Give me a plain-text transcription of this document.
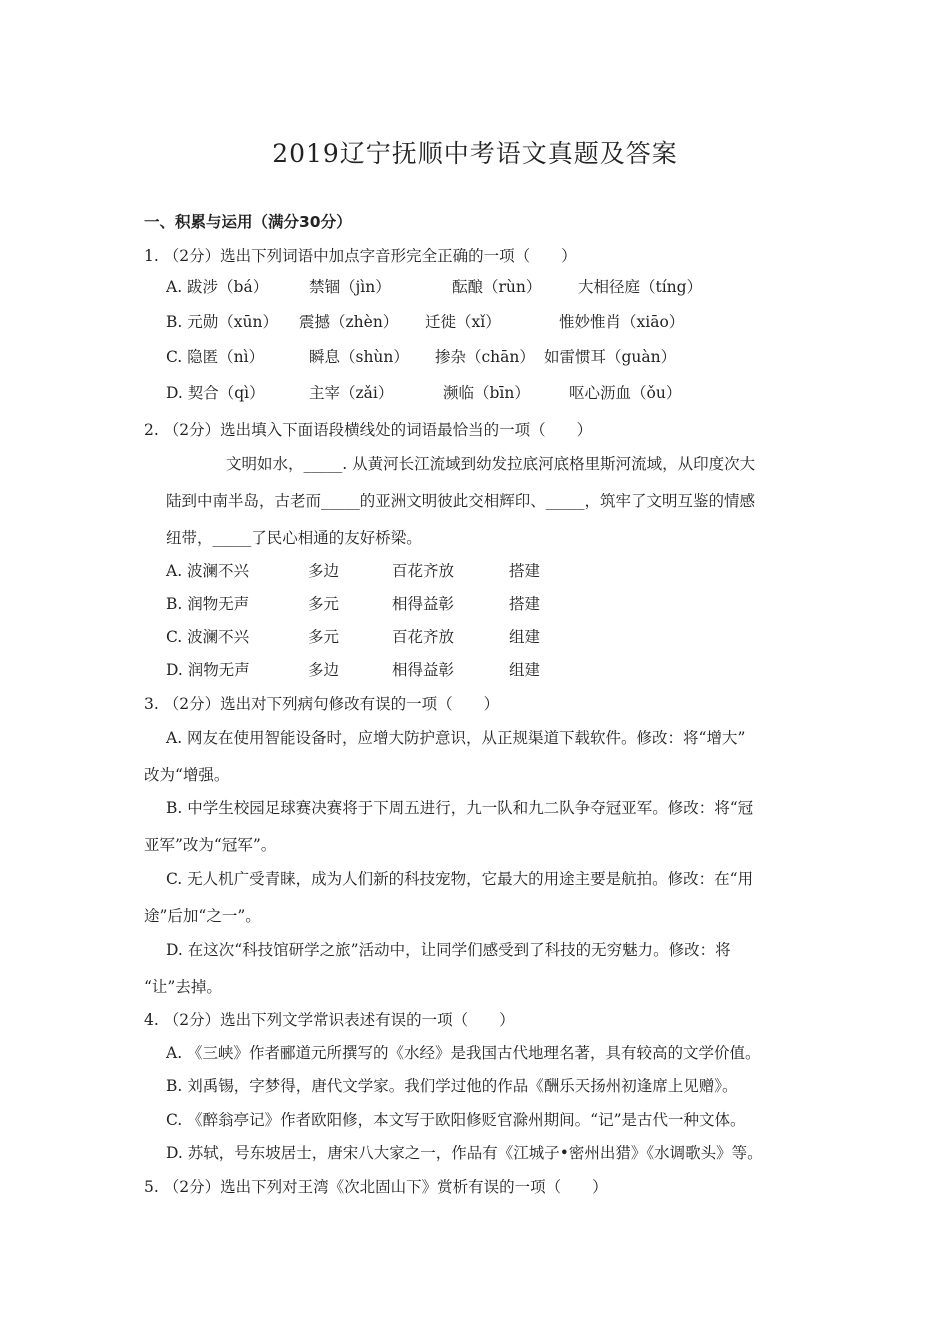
2019辽宁抚顺中考语文真题及答案
一、积累与运用（满分30分）
1. （2分）选出下列词语中加点字音形完全正确的一项（　　）
A. 跋涉（bá）	禁锢（jìn）	酝酿（rùn）	大相径庭（tíng）
B. 元勋（xūn）	震撼（zhèn）	迁徙（xǐ）	惟妙惟肖（xiāo）
C. 隐匿（nì）	瞬息（shùn）	掺杂（chān） 如雷惯耳（guàn）
D. 契合（qì）	主宰（zǎi）	濒临（bīn）	呕心沥血（ǒu）
2. （2分）选出填入下面语段横线处的词语最恰当的一项（　　）
文明如水，_____. 从黄河长江流域到幼发拉底河底格里斯河流域，从印度次大
陆到中南半岛，古老而_____的亚洲文明彼此交相辉印、_____，筑牢了文明互鉴的情感
纽带，_____了民心相通的友好桥梁。
A. 波澜不兴	多边	百花齐放	搭建
B. 润物无声	多元	相得益彰	搭建
C. 波澜不兴	多元	百花齐放	组建
D. 润物无声	多边	相得益彰	组建
3. （2分）选出对下列病句修改有误的一项（　　）
A. 网友在使用智能设备时，应增大防护意识，从正规渠道下载软件。修改：将“增大”
改为“增强。
B. 中学生校园足球赛决赛将于下周五进行，九一队和九二队争夺冠亚军。修改：将“冠
亚军”改为“冠军”。
C. 无人机广受青睐，成为人们新的科技宠物，它最大的用途主要是航拍。修改：在“用
途”后加“之一”。
D. 在这次“科技馆研学之旅”活动中，让同学们感受到了科技的无穷魅力。修改：将
“让”去掉。
4. （2分）选出下列文学常识表述有误的一项（　　）
A. 《三峡》作者郦道元所撰写的《水经》是我国古代地理名著，具有较高的文学价值。
B. 刘禹锡，字梦得，唐代文学家。我们学过他的作品《酬乐天扬州初逢席上见赠》。
C. 《醉翁亭记》作者欧阳修，本文写于欧阳修贬官滁州期间。“记”是古代一种文体。
D. 苏轼，号东坡居士，唐宋八大家之一，作品有《江城子•密州出猎》《水调歌头》等。
5. （2分）选出下列对王湾《次北固山下》赏析有误的一项（　　）
